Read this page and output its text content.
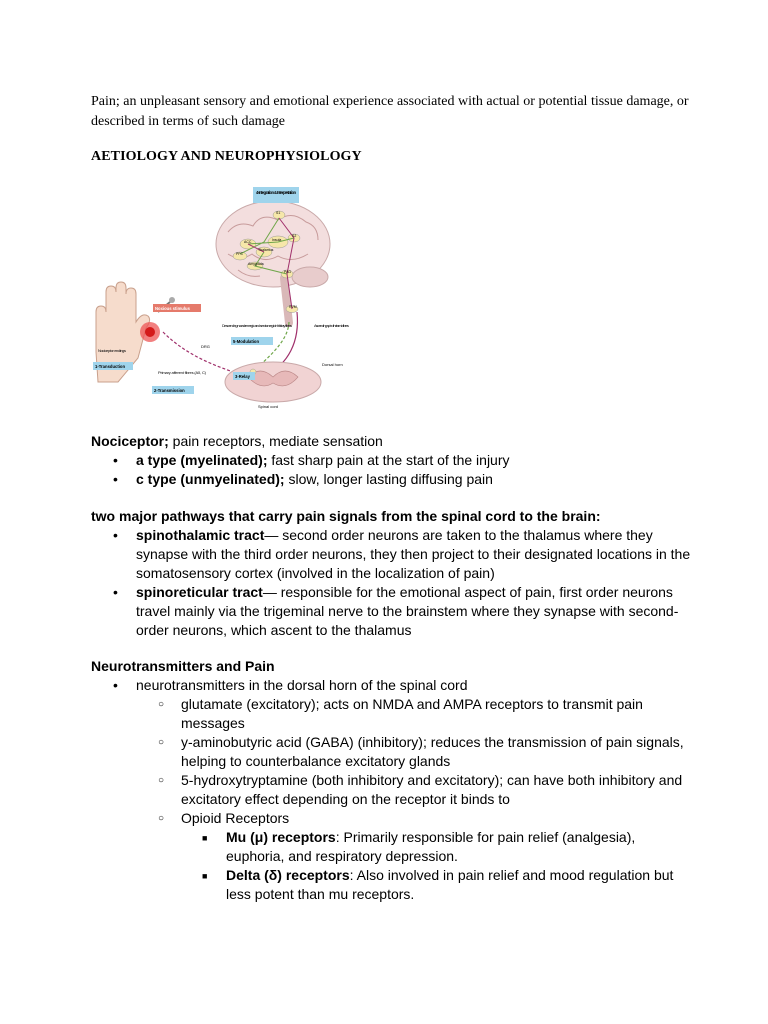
Pain; an unpleasant sensory and emotional experience associated with actual or potential tissue damage, or described in terms of such damage
AETIOLOGY AND NEUROPHYSIOLOGY
S1
S2
ACC
PFC
Insula
Thalamus
Amygdala
PAG
RVM
4-Integration & Interpretation
Descending noradrenergic and serotonergic inhibitory fibres	Ascending spinothalamic fibres
5-Modulation
3-Relay
Dorsal horn
Spinal cord
DRG
Noxious stimulus
Nociceptor endings
1-Transduction
Primary afferent fibres (Aδ, C)
2-Transmission
Nociceptor; pain receptors, mediate sensation
• a type (myelinated); fast sharp pain at the start of the injury
• c type (unmyelinated); slow, longer lasting diffusing pain
two major pathways that carry pain signals from the spinal cord to the brain:
• spinothalamic tract— second order neurons are taken to the thalamus where they synapse with the third order neurons, they then project to their designated locations in the somatosensory cortex (involved in the localization of pain)
• spinoreticular tract— responsible for the emotional aspect of pain, first order neurons travel mainly via the trigeminal nerve to the brainstem where they synapse with second-order neurons, which ascent to the thalamus
Neurotransmitters and Pain
• neurotransmitters in the dorsal horn of the spinal cord
○ glutamate (excitatory); acts on NMDA and AMPA receptors to transmit pain messages
○ y-aminobutyric acid (GABA) (inhibitory); reduces the transmission of pain signals, helping to counterbalance excitatory glands
○ 5-hydroxytryptamine (both inhibitory and excitatory); can have both inhibitory and excitatory effect depending on the receptor it binds to
○ Opioid Receptors
■ Mu (μ) receptors: Primarily responsible for pain relief (analgesia), euphoria, and respiratory depression.
■ Delta (δ) receptors: Also involved in pain relief and mood regulation but less potent than mu receptors.
